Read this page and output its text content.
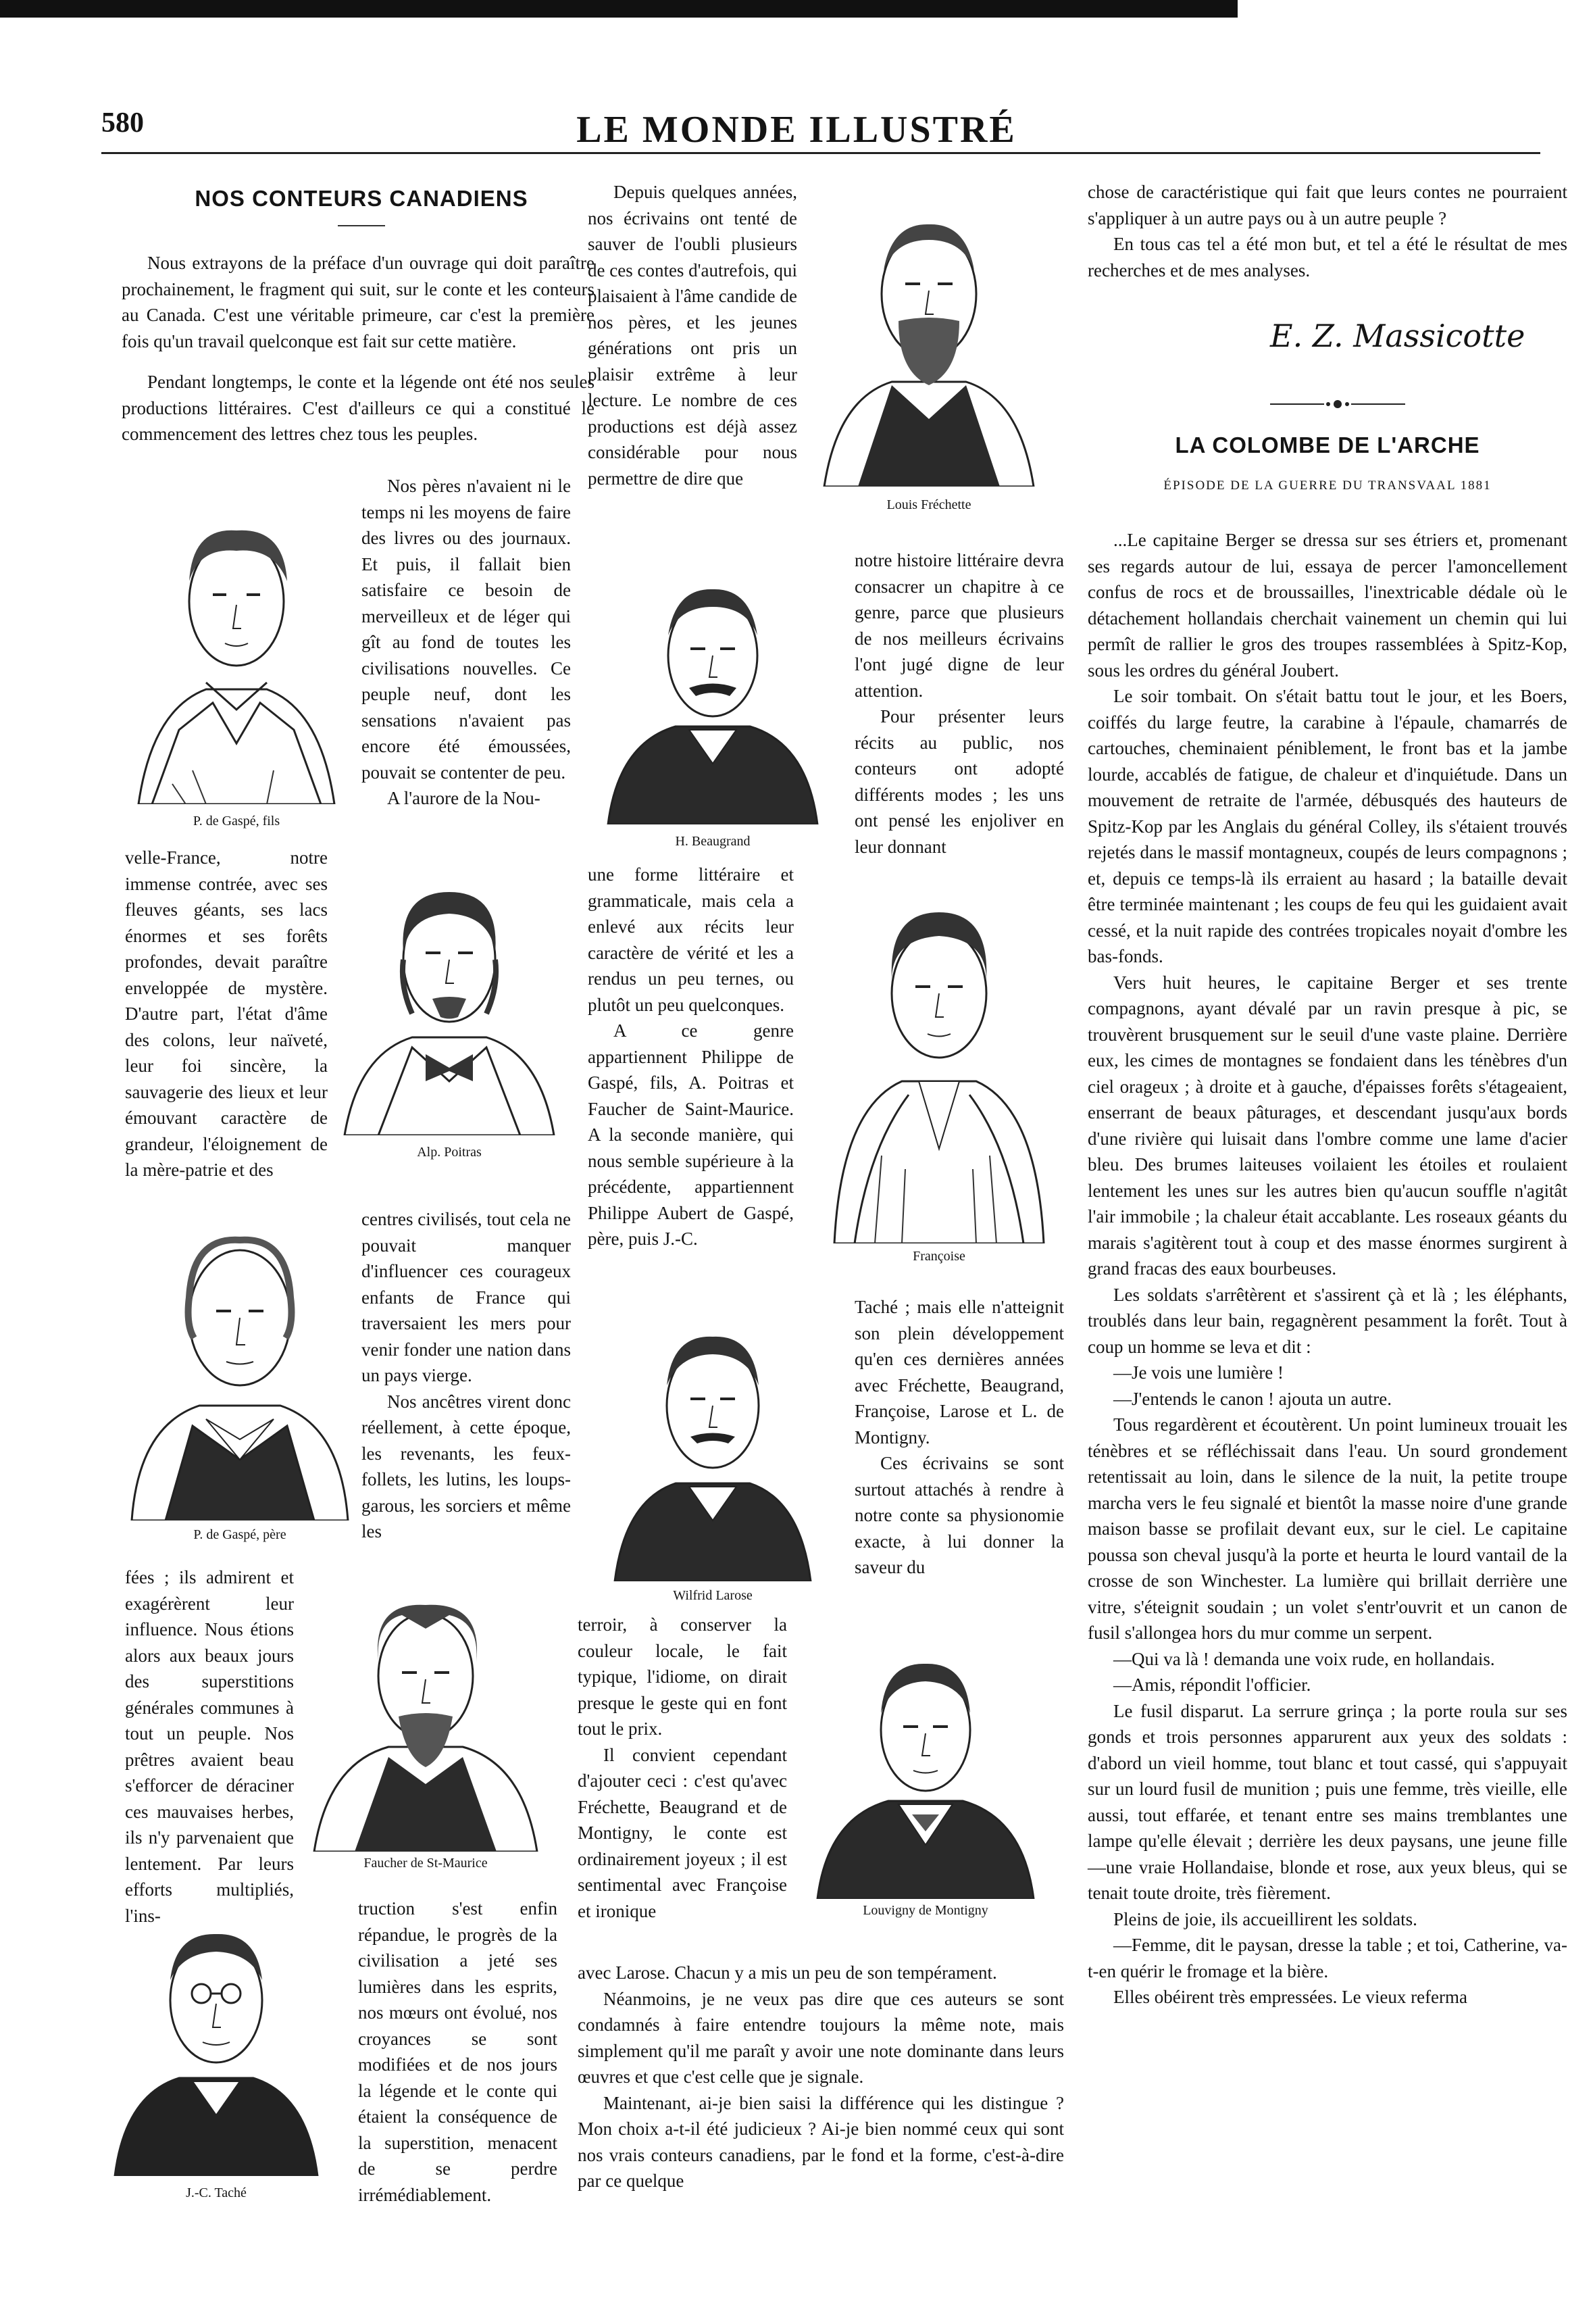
580	LE MONDE ILLUSTRÉ
NOS CONTEURS CANADIENS

Nous extrayons de la préface d'un ouvrage qui doit paraître prochainement, le fragment qui suit, sur le conte et les conteurs au Canada. C'est une véritable primeure, car c'est la première fois qu'un travail quelconque est fait sur cette matière.

Pendant longtemps, le conte et la légende ont été nos seules productions littéraires. C'est d'ailleurs ce qui a constitué le commencement des lettres chez tous les peuples.

P. de Gaspé, fils

Nos pères n'avaient ni le temps ni les moyens de faire des livres ou des journaux. Et puis, il fallait bien satisfaire ce besoin de merveilleux et de léger qui gît au fond de toutes les civilisations nouvelles. Ce peuple neuf, dont les sensations n'avaient pas encore été émoussées, pouvait se contenter de peu.

A l'aurore de la Nou-

velle-France, notre immense contrée, avec ses fleuves géants, ses lacs énormes et ses forêts profondes, devait paraître enveloppée de mystère. D'autre part, l'état d'âme des colons, leur naïveté, leur foi sincère, la sauvagerie des lieux et leur émouvant caractère de grandeur, l'éloignement de la mère-patrie et des

Alp. Poitras
P. de Gaspé, père

centres civilisés, tout cela ne pouvait manquer d'influencer ces courageux enfants de France qui traversaient les mers pour venir fonder une nation dans un pays vierge.

Nos ancêtres virent donc réellement, à cette époque, les revenants, les feux-follets, les lutins, les loups-garous, les sorciers et même les

fées ; ils admirent et exagérèrent leur influence. Nous étions alors aux beaux jours des superstitions générales communes à tout un peuple. Nos prêtres avaient beau s'efforcer de déraciner ces mauvaises herbes, ils n'y parvenaient que lentement. Par leurs efforts multipliés, l'ins-

Faucher de St-Maurice
J.-C. Taché

truction s'est enfin répandue, le progrès de la civilisation a jeté ses lumières dans les esprits, nos mœurs ont évolué, nos croyances se sont modifiées et de nos jours la légende et le conte qui étaient la conséquence de la superstition, menacent de se perdre irrémédiablement.

Depuis quelques années, nos écrivains ont tenté de sauver de l'oubli plusieurs de ces contes d'autrefois, qui plaisaient à l'âme candide de nos pères, et les jeunes générations ont pris un plaisir extrême à leur lecture. Le nombre de ces productions est déjà assez considérable pour nous permettre de dire que

Louis Fréchette
H. Beaugrand

notre histoire littéraire devra consacrer un chapitre à ce genre, parce que plusieurs de nos meilleurs écrivains l'ont jugé digne de leur attention.

Pour présenter leurs récits au public, nos conteurs ont adopté différents modes ; les uns ont pensé les enjoliver en leur donnant

une forme littéraire et grammaticale, mais cela a enlevé aux récits leur caractère de vérité et les a rendus un peu ternes, ou plutôt un peu quelconques.

A ce genre appartiennent Philippe de Gaspé, fils, A. Poitras et Faucher de Saint-Maurice. A la seconde manière, qui nous semble supérieure à la précédente, appartiennent Philippe Aubert de Gaspé, père, puis J.-C.

Françoise
Wilfrid Larose

Taché ; mais elle n'atteignit son plein développement qu'en ces dernières années avec Fréchette, Beaugrand, Françoise, Larose et L. de Montigny.

Ces écrivains se sont surtout attachés à rendre à notre conte sa physionomie exacte, à lui donner la saveur du

terroir, à conserver la couleur locale, le fait typique, l'idiome, on dirait presque le geste qui en font tout le prix.

Il convient cependant d'ajouter ceci : c'est qu'avec Fréchette, Beaugrand et de Montigny, le conte est ordinairement joyeux ; il est sentimental avec Françoise et ironique	Louvigny de Montigny

avec Larose. Chacun y a mis un peu de son tempérament.

Néanmoins, je ne veux pas dire que ces auteurs se sont condamnés à faire entendre toujours la même note, mais simplement qu'il me paraît y avoir une note dominante dans leurs œuvres et que c'est celle que je signale.

Maintenant, ai-je bien saisi la différence qui les distingue ? Mon choix a-t-il été judicieux ? Ai-je bien nommé ceux qui sont nos vrais conteurs canadiens, par le fond et la forme, c'est-à-dire par ce quelque

chose de caractéristique qui fait que leurs contes ne pourraient s'appliquer à un autre pays ou à un autre peuple ?

En tous cas tel a été mon but, et tel a été le résultat de mes recherches et de mes analyses.

E. Z. Massicotte
LA COLOMBE DE L'ARCHE
ÉPISODE DE LA GUERRE DU TRANSVAAL 1881

...Le capitaine Berger se dressa sur ses étriers et, promenant ses regards autour de lui, essaya de percer l'amoncellement confus de rocs et de broussailles, l'inextricable dédale où le détachement hollandais cherchait vainement un chemin qui lui permît de rallier le gros des troupes rassemblées à Spitz-Kop, sous les ordres du général Joubert.

Le soir tombait. On s'était battu tout le jour, et les Boers, coiffés du large feutre, la carabine à l'épaule, chamarrés de cartouches, cheminaient péniblement, le front bas et la jambe lourde, accablés de fatigue, de chaleur et d'inquiétude. Dans un mouvement de retraite de l'armée, débusqués des hauteurs de Spitz-Kop par les Anglais du général Colley, ils s'étaient trouvés rejetés dans le massif montagneux, coupés de leurs compagnons ; et, depuis ce temps-là ils erraient au hasard ; la bataille devait être terminée maintenant ; les coups de feu qui les guidaient avait cessé, et la nuit rapide des contrées tropicales noyait d'ombre les bas-fonds.

Vers huit heures, le capitaine Berger et ses trente compagnons, ayant dévalé par un ravin presque à pic, se trouvèrent brusquement sur le seuil d'une vaste plaine. Derrière eux, les cimes de montagnes se fondaient dans les ténèbres d'un ciel orageux ; à droite et à gauche, d'épaisses forêts s'étageaient, enserrant de beaux pâturages, et descendant jusqu'aux bords d'une rivière qui luisait dans l'ombre comme une lame d'acier bleu. Des brumes laiteuses voilaient les étoiles et roulaient lentement les unes sur les autres bien qu'aucun souffle n'agitât l'air immobile ; la chaleur était accablante. Les roseaux géants du marais s'agitèrent tout à coup et des masse énormes surgirent à grand fracas des eaux bourbeuses.

Les soldats s'arrêtèrent et s'assirent çà et là ; les éléphants, troublés dans leur bain, regagnèrent pesamment la forêt. Tout à coup un homme se leva et dit :

—Je vois une lumière !

—J'entends le canon ! ajouta un autre.

Tous regardèrent et écoutèrent. Un point lumineux trouait les ténèbres et se réfléchissait dans l'eau. Un sourd grondement retentissait au loin, dans le silence de la nuit, la petite troupe marcha vers le feu signalé et bientôt la masse noire d'une grande maison basse se profilait devant eux, sur le ciel. Le capitaine poussa son cheval jusqu'à la porte et heurta le lourd vantail de la crosse de son Winchester. La lumière qui brillait derrière une vitre, s'éteignit soudain ; un volet s'entr'ouvrit et un canon de fusil s'allongea hors du mur comme un serpent.

—Qui va là ! demanda une voix rude, en hollandais.

—Amis, répondit l'officier.

Le fusil disparut. La serrure grinça ; la porte roula sur ses gonds et trois personnes apparurent aux yeux des soldats : d'abord un vieil homme, tout blanc et tout cassé, qui s'appuyait sur un lourd fusil de munition ; puis une femme, très vieille, elle aussi, tout effarée, et tenant entre ses mains tremblantes une lampe qu'elle élevait ; derrière les deux paysans, une jeune fille—une vraie Hollandaise, blonde et rose, aux yeux bleus, qui se tenait toute droite, très fièrement.

Pleins de joie, ils accueillirent les soldats.

—Femme, dit le paysan, dresse la table ; et toi, Catherine, va-t-en quérir le fromage et la bière.

Elles obéirent très empressées. Le vieux referma
